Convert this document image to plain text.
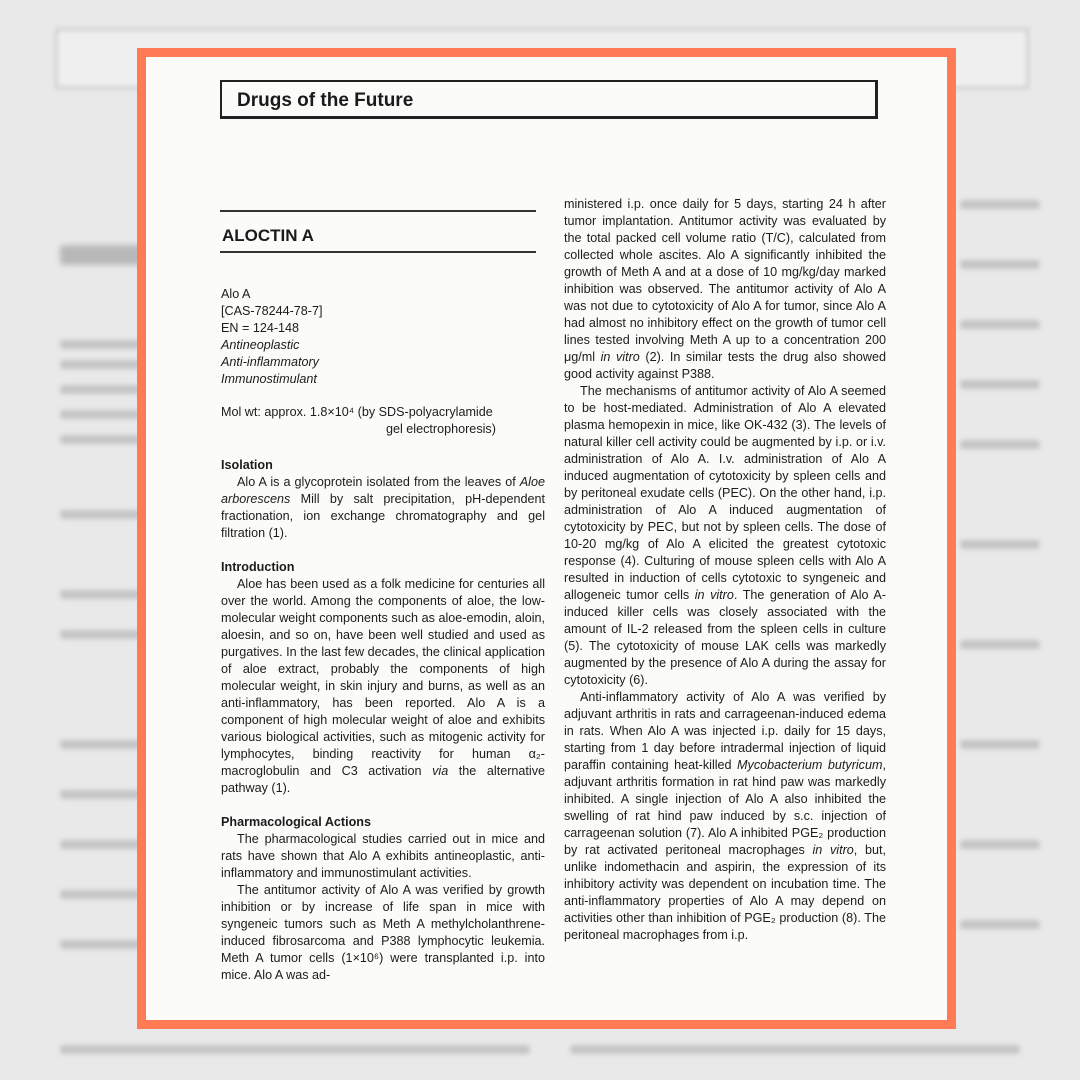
Drugs of the Future
ALOCTIN A
Alo A
[CAS-78244-78-7]
EN = 124-148
Antineoplastic
Anti-inflammatory
Immunostimulant
Mol wt: approx. 1.8×10⁴ (by SDS-polyacrylamide
gel electrophoresis)
Isolation

Alo A is a glycoprotein isolated from the leaves of Aloe arborescens Mill by salt precipitation, pH-dependent fractionation, ion exchange chromatography and gel filtration (1).

Introduction

Aloe has been used as a folk medicine for centuries all over the world. Among the components of aloe, the low-molecular weight components such as aloe-emodin, aloin, aloesin, and so on, have been well studied and used as purgatives. In the last few decades, the clinical application of aloe extract, probably the components of high molecular weight, in skin injury and burns, as well as an anti-inflammatory, has been reported. Alo A is a component of high molecular weight of aloe and exhibits various biological activities, such as mitogenic activity for lymphocytes, binding reactivity for human α₂-macroglobulin and C3 activation via the alternative pathway (1).

Pharmacological Actions

The pharmacological studies carried out in mice and rats have shown that Alo A exhibits antineoplastic, anti-inflammatory and immunostimulant activities.

The antitumor activity of Alo A was verified by growth inhibition or by increase of life span in mice with syngeneic tumors such as Meth A methylcholanthrene-induced fibrosarcoma and P388 lymphocytic leukemia. Meth A tumor cells (1×10⁶) were transplanted i.p. into mice. Alo A was ad-

ministered i.p. once daily for 5 days, starting 24 h after tumor implantation. Antitumor activity was evaluated by the total packed cell volume ratio (T/C), calculated from collected whole ascites. Alo A significantly inhibited the growth of Meth A and at a dose of 10 mg/kg/day marked inhibition was observed. The antitumor activity of Alo A was not due to cytotoxicity of Alo A for tumor, since Alo A had almost no inhibitory effect on the growth of tumor cell lines tested involving Meth A up to a concentration 200 μg/ml in vitro (2). In similar tests the drug also showed good activity against P388.

The mechanisms of antitumor activity of Alo A seemed to be host-mediated. Administration of Alo A elevated plasma hemopexin in mice, like OK-432 (3). The levels of natural killer cell activity could be augmented by i.p. or i.v. administration of Alo A. I.v. administration of Alo A induced augmentation of cytotoxicity by spleen cells and by peritoneal exudate cells (PEC). On the other hand, i.p. administration of Alo A induced augmentation of cytotoxicity by PEC, but not by spleen cells. The dose of 10-20 mg/kg of Alo A elicited the greatest cytotoxic response (4). Culturing of mouse spleen cells with Alo A resulted in induction of cells cytotoxic to syngeneic and allogeneic tumor cells in vitro. The generation of Alo A-induced killer cells was closely associated with the amount of IL-2 released from the spleen cells in culture (5). The cytotoxicity of mouse LAK cells was markedly augmented by the presence of Alo A during the assay for cytotoxicity (6).

Anti-inflammatory activity of Alo A was verified by adjuvant arthritis in rats and carrageenan-induced edema in rats. When Alo A was injected i.p. daily for 15 days, starting from 1 day before intradermal injection of liquid paraffin containing heat-killed Mycobacterium butyricum, adjuvant arthritis formation in rat hind paw was markedly inhibited. A single injection of Alo A also inhibited the swelling of rat hind paw induced by s.c. injection of carrageenan solution (7). Alo A inhibited PGE₂ production by rat activated peritoneal macrophages in vitro, but, unlike indomethacin and aspirin, the expression of its inhibitory activity was dependent on incubation time. The anti-inflammatory properties of Alo A may depend on activities other than inhibition of PGE₂ production (8). The peritoneal macrophages from i.p.
